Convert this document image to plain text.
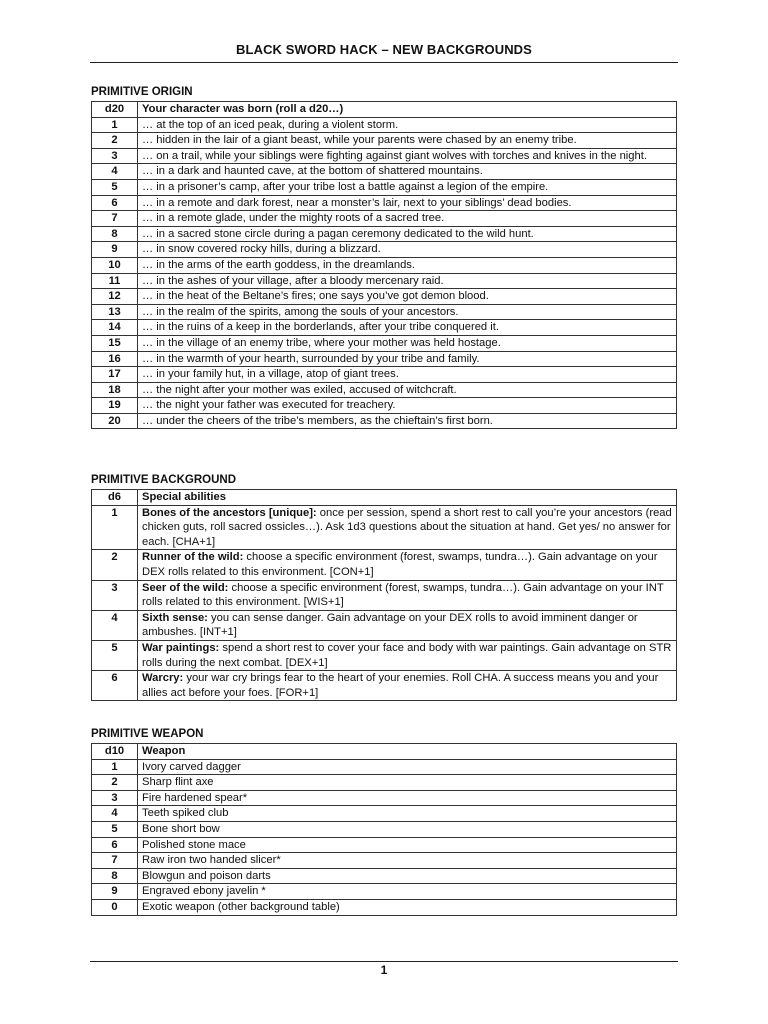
BLACK SWORD HACK – NEW BACKGROUNDS
PRIMITIVE ORIGIN
d20	Your character was born (roll a d20…)
1	… at the top of an iced peak, during a violent storm.
2	… hidden in the lair of a giant beast, while your parents were chased by an enemy tribe.
3	… on a trail, while your siblings were fighting against giant wolves with torches and knives in the night.
4	… in a dark and haunted cave, at the bottom of shattered mountains.
5	… in a prisoner’s camp, after your tribe lost a battle against a legion of the empire.
6	… in a remote and dark forest, near a monster’s lair, next to your siblings’ dead bodies.
7	… in a remote glade, under the mighty roots of a sacred tree.
8	… in a sacred stone circle during a pagan ceremony dedicated to the wild hunt.
9	… in snow covered rocky hills, during a blizzard.
10	… in the arms of the earth goddess, in the dreamlands.
11	… in the ashes of your village, after a bloody mercenary raid.
12	… in the heat of the Beltane’s fires; one says you’ve got demon blood.
13	… in the realm of the spirits, among the souls of your ancestors.
14	… in the ruins of a keep in the borderlands, after your tribe conquered it.
15	… in the village of an enemy tribe, where your mother was held hostage.
16	… in the warmth of your hearth, surrounded by your tribe and family.
17	… in your family hut, in a village, atop of giant trees.
18	… the night after your mother was exiled, accused of witchcraft.
19	… the night your father was executed for treachery.
20	… under the cheers of the tribe’s members, as the chieftain’s first born.
PRIMITIVE BACKGROUND
d6	Special abilities
1	Bones of the ancestors [unique]: once per session, spend a short rest to call you’re your ancestors (read chicken guts, roll sacred ossicles…). Ask 1d3 questions about the situation at hand. Get yes/ no answer for each. [CHA+1]
2	Runner of the wild: choose a specific environment (forest, swamps, tundra…). Gain advantage on your DEX rolls related to this environment. [CON+1]
3	Seer of the wild: choose a specific environment (forest, swamps, tundra…). Gain advantage on your INT rolls related to this environment. [WIS+1]
4	Sixth sense: you can sense danger. Gain advantage on your DEX rolls to avoid imminent danger or ambushes. [INT+1]
5	War paintings: spend a short rest to cover your face and body with war paintings. Gain advantage on STR rolls during the next combat. [DEX+1]
6	Warcry: your war cry brings fear to the heart of your enemies. Roll CHA. A success means you and your allies act before your foes. [FOR+1]
PRIMITIVE WEAPON
d10	Weapon
1	Ivory carved dagger
2	Sharp flint axe
3	Fire hardened spear*
4	Teeth spiked club
5	Bone short bow
6	Polished stone mace
7	Raw iron two handed slicer*
8	Blowgun and poison darts
9	Engraved ebony javelin *
0	Exotic weapon (other background table)
1
